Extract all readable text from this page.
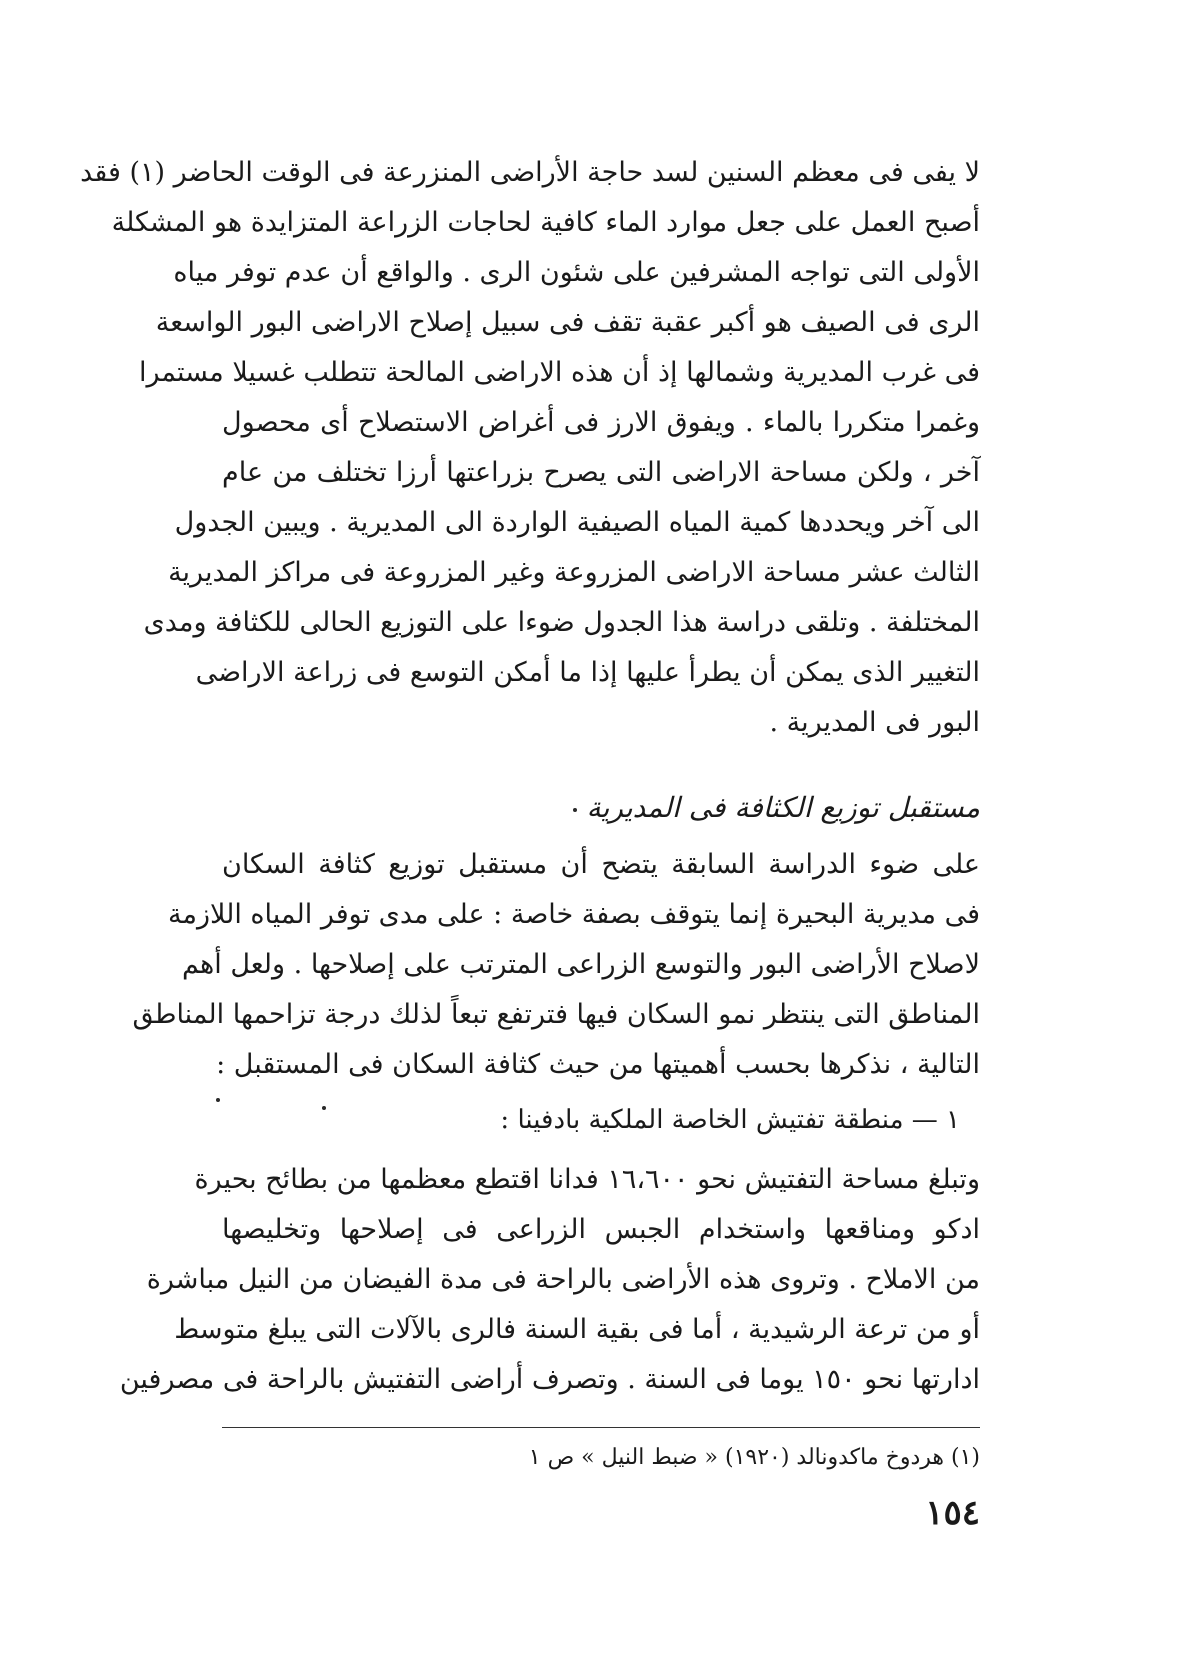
لا يفى فى معظم السنين لسد حاجة الأراضى المنزرعة فى الوقت الحاضر (١) فقد
أصبح العمل على جعل موارد الماء كافية لحاجات الزراعة المتزايدة هو المشكلة
الأولى التى تواجه المشرفين على شئون الرى . والواقع أن عدم توفر مياه
الرى فى الصيف هو أكبر عقبة تقف فى سبيل إصلاح الاراضى البور الواسعة
فى غرب المديرية وشمالها إذ أن هذه الاراضى المالحة تتطلب غسيلا مستمرا
وغمرا متكررا بالماء . ويفوق الارز فى أغراض الاستصلاح أى محصول
آخر ، ولكن مساحة الاراضى التى يصرح بزراعتها أرزا تختلف من عام
الى آخر ويحددها كمية المياه الصيفية الواردة الى المديرية . ويبين الجدول
الثالث عشر مساحة الاراضى المزروعة وغير المزروعة فى مراكز المديرية
المختلفة . وتلقى دراسة هذا الجدول ضوءا على التوزيع الحالى للكثافة ومدى
التغيير الذى يمكن أن يطرأ عليها إذا ما أمكن التوسع فى زراعة الاراضى
البور فى المديرية .
مستقبل توزيع الكثافة فى المديرية
على ضوء الدراسة السابقة يتضح أن مستقبل توزيع كثافة السكان
فى مديرية البحيرة إنما يتوقف بصفة خاصة : على مدى توفر المياه اللازمة
لاصلاح الأراضى البور والتوسع الزراعى المترتب على إصلاحها . ولعل أهم
المناطق التى ينتظر نمو السكان فيها فترتفع تبعاً لذلك درجة تزاحمها المناطق
التالية ، نذكرها بحسب أهميتها من حيث كثافة السكان فى المستقبل :
١ — منطقة تفتيش الخاصة الملكية بادفينا :
وتبلغ مساحة التفتيش نحو ١٦،٦٠٠ فدانا اقتطع معظمها من بطائح بحيرة
ادكو ومناقعها واستخدام الجبس الزراعى فى إصلاحها وتخليصها
من الاملاح . وتروى هذه الأراضى بالراحة فى مدة الفيضان من النيل مباشرة
أو من ترعة الرشيدية ، أما فى بقية السنة فالرى بالآلات التى يبلغ متوسط
ادارتها نحو ١٥٠ يوما فى السنة . وتصرف أراضى التفتيش بالراحة فى مصرفين
(١) هردوخ ماكدونالد (١٩٢٠) « ضبط النيل » ص ١
١٥٤
